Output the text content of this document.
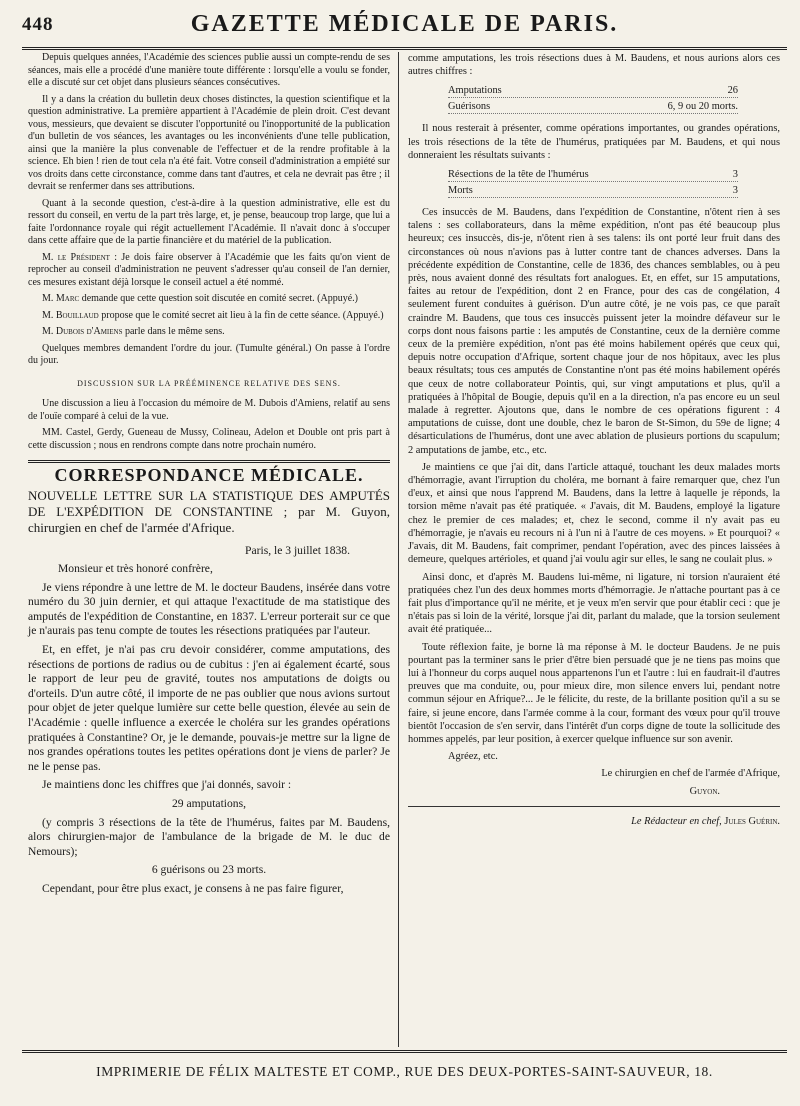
448	GAZETTE MÉDICALE DE PARIS.

Depuis quelques années, l'Académie des sciences publie aussi un compte-rendu de ses séances, mais elle a procédé d'une manière toute différente : lorsqu'elle a voulu se fonder, elle a discuté sur cet objet dans plusieurs séances consécutives.

Il y a dans la création du bulletin deux choses distinctes, la question scientifique et la question administrative. La première appartient à l'Académie de plein droit. C'est devant vous, messieurs, que devaient se discuter l'opportunité ou l'inopportunité de la publication d'un bulletin de vos séances, les avantages ou les inconvénients d'une telle publication, ainsi que la manière la plus convenable de l'effectuer et de la rendre profitable à la science. Eh bien ! rien de tout cela n'a été fait. Votre conseil d'administration a empiété sur vos droits dans cette circonstance, comme dans tant d'autres, et cela ne devrait pas être ; il devrait se renfermer dans ses attributions.

Quant à la seconde question, c'est-à-dire à la question administrative, elle est du ressort du conseil, en vertu de la part très large, et, je pense, beaucoup trop large, que lui a faite l'ordonnance royale qui régit actuellement l'Académie. Il n'avait donc à s'occuper dans cette affaire que de la partie financière et du matériel de la publication.

M. le Président : Je dois faire observer à l'Académie que les faits qu'on vient de reprocher au conseil d'administration ne peuvent s'adresser qu'au conseil de l'an dernier, ces mesures existant déjà lorsque le conseil actuel a été nommé.

M. Marc demande que cette question soit discutée en comité secret. (Appuyé.)

M. Bouillaud propose que le comité secret ait lieu à la fin de cette séance. (Appuyé.)

M. Dubois d'Amiens parle dans le même sens.

Quelques membres demandent l'ordre du jour. (Tumulte général.) On passe à l'ordre du jour.

DISCUSSION SUR LA PRÉÉMINENCE RELATIVE DES SENS.

Une discussion a lieu à l'occasion du mémoire de M. Dubois d'Amiens, relatif au sens de l'ouïe comparé à celui de la vue.

MM. Castel, Gerdy, Gueneau de Mussy, Colineau, Adelon et Double ont pris part à cette discussion ; nous en rendrons compte dans notre prochain numéro.

CORRESPONDANCE MÉDICALE.

NOUVELLE LETTRE SUR LA STATISTIQUE DES AMPUTÉS DE L'EXPÉDITION DE CONSTANTINE ; par M. Guyon, chirurgien en chef de l'armée d'Afrique.

Paris, le 3 juillet 1838.

Monsieur et très honoré confrère,

Je viens répondre à une lettre de M. le docteur Baudens, insérée dans votre numéro du 30 juin dernier, et qui attaque l'exactitude de ma statistique des amputés de l'expédition de Constantine, en 1837. L'erreur porterait sur ce que je n'aurais pas tenu compte de toutes les résections pratiquées par l'auteur.

Et, en effet, je n'ai pas cru devoir considérer, comme amputations, des résections de portions de radius ou de cubitus : j'en ai également écarté, sous le rapport de leur peu de gravité, toutes nos amputations de doigts ou d'orteils. D'un autre côté, il importe de ne pas oublier que nous avions surtout pour objet de jeter quelque lumière sur cette belle question, élevée au sein de l'Académie : quelle influence a exercée le choléra sur les grandes opérations pratiquées à Constantine? Or, je le demande, pouvais-je mettre sur la ligne de nos grandes opérations toutes les petites opérations dont je viens de parler? Je ne le pense pas.

Je maintiens donc les chiffres que j'ai donnés, savoir :

29 amputations,

(y compris 3 résections de la tête de l'humérus, faites par M. Baudens, alors chirurgien-major de l'ambulance de la brigade de M. le duc de Nemours);

6 guérisons ou 23 morts.

Cependant, pour être plus exact, je consens à ne pas faire figurer,

comme amputations, les trois résections dues à M. Baudens, et nous aurions alors ces autres chiffres :

Amputations	26
Guérisons	6, 9 ou 20 morts.

Il nous resterait à présenter, comme opérations importantes, ou grandes opérations, les trois résections de la tête de l'humérus, pratiquées par M. Baudens, et qui nous donneraient les résultats suivants :

Résections de la tête de l'humérus	3
Morts	3

Ces insuccès de M. Baudens, dans l'expédition de Constantine, n'ôtent rien à ses talens : ses collaborateurs, dans la même expédition, n'ont pas été beaucoup plus heureux; ces insuccès, dis-je, n'ôtent rien à ses talens: ils ont porté leur fruit dans des circonstances où nous n'avions pas à lutter contre tant de chances adverses. Dans la précédente expédition de Constantine, celle de 1836, des chances semblables, ou à peu près, nous avaient donné des résultats fort analogues. Et, en effet, sur 15 amputations, faites au retour de l'expédition, dont 2 en France, pour des cas de congélation, 4 seulement furent conduites à guérison. D'un autre côté, je ne vois pas, ce que paraît craindre M. Baudens, que tous ces insuccès puissent jeter la moindre défaveur sur le corps dont nous faisons partie : les amputés de Constantine, ceux de la dernière comme ceux de la première expédition, n'ont pas été moins habilement opérés que ceux qui, depuis notre occupation d'Afrique, sortent chaque jour de nos hôpitaux, avec les plus beaux résultats; tous ces amputés de Constantine n'ont pas été moins habilement opérés que ceux de notre collaborateur Pointis, qui, sur vingt amputations et plus, qu'il a pratiquées à l'hôpital de Bougie, depuis qu'il en a la direction, n'a pas encore eu un seul malade à regretter. Ajoutons que, dans le nombre de ces opérations figurent : 4 amputations de cuisse, dont une double, chez le baron de St-Simon, du 59e de ligne; 4 désarticulations de l'humérus, dont une avec ablation de plusieurs portions du scapulum; 2 amputations de jambe, etc., etc.

Je maintiens ce que j'ai dit, dans l'article attaqué, touchant les deux malades morts d'hémorragie, avant l'irruption du choléra, me bornant à faire remarquer que, chez l'un d'eux, et ainsi que nous l'apprend M. Baudens, dans la lettre à laquelle je réponds, la torsion même n'avait pas été pratiquée. « J'avais, dit M. Baudens, employé la ligature chez le premier de ces malades; et, chez le second, comme il n'y avait pas eu d'hémorragie, je n'avais eu recours ni à l'un ni à l'autre de ces moyens. » Et pourquoi? « J'avais, dit M. Baudens, fait comprimer, pendant l'opération, avec des pinces laissées à demeure, quelques artérioles, et quand j'ai voulu agir sur elles, le sang ne coulait plus. »

Ainsi donc, et d'après M. Baudens lui-même, ni ligature, ni torsion n'auraient été pratiquées chez l'un des deux hommes morts d'hémorragie. Je n'attache pourtant pas à ce fait plus d'importance qu'il ne mérite, et je veux m'en servir que pour établir ceci : que je n'étais pas si loin de la vérité, lorsque j'ai dit, parlant du malade, que la torsion seulement avait été pratiquée...

Toute réflexion faite, je borne là ma réponse à M. le docteur Baudens. Je ne puis pourtant pas la terminer sans le prier d'être bien persuadé que je ne tiens pas moins que lui à l'honneur du corps auquel nous appartenons l'un et l'autre : lui en faudrait-il d'autres preuves que ma conduite, ou, pour mieux dire, mon silence envers lui, pendant notre commun séjour en Afrique?... Je le félicite, du reste, de la brillante position qu'il a su se faire, si jeune encore, dans l'armée comme à la cour, formant des vœux pour qu'il trouve bientôt l'occasion de s'en servir, dans l'intérêt d'un corps digne de toute la sollicitude des hommes appelés, par leur position, à exercer quelque influence sur son avenir.

Agréez, etc.

Le chirurgien en chef de l'armée d'Afrique,

Guyon.

Le Rédacteur en chef, Jules Guérin.

IMPRIMERIE DE FÉLIX MALTESTE ET COMP., RUE DES DEUX-PORTES-SAINT-SAUVEUR, 18.
